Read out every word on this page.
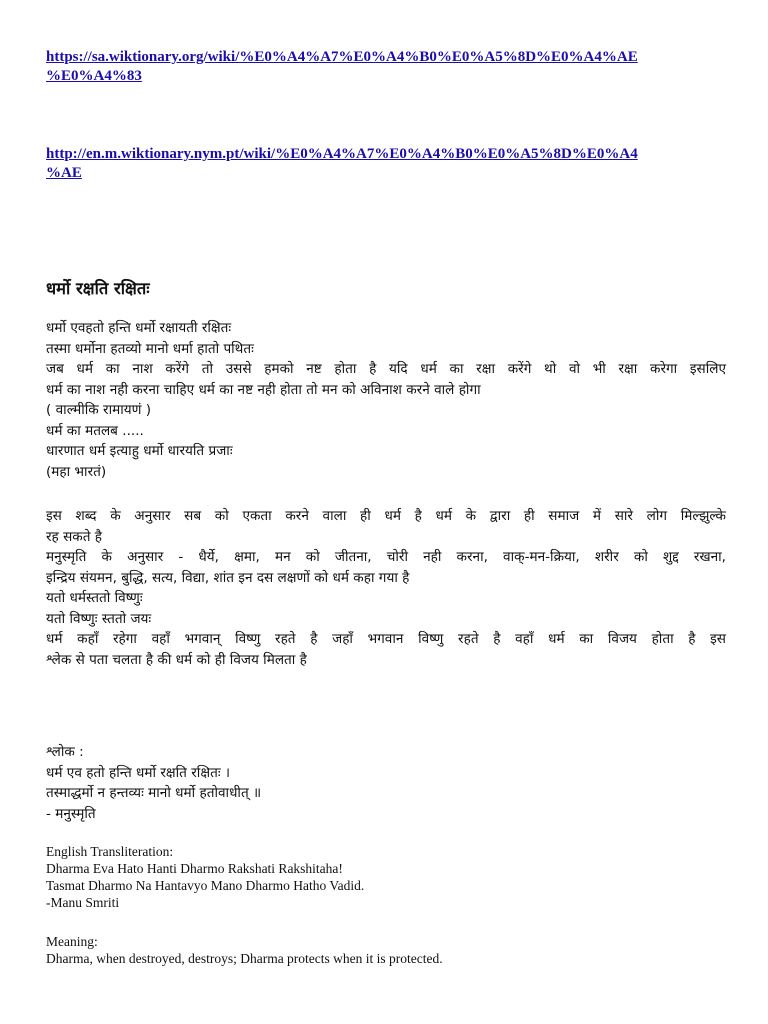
https://sa.wiktionary.org/wiki/%E0%A4%A7%E0%A4%B0%E0%A5%8D%E0%A4%AE
%E0%A4%83
http://en.m.wiktionary.nym.pt/wiki/%E0%A4%A7%E0%A4%B0%E0%A5%8D%E0%A4
%AE
धर्मो रक्षति रक्षितः
धर्मो एवहतो हन्ति धर्मो रक्षायती रक्षितः
तस्मा धर्मोना हतव्यो मानो धर्मा हातो पथितः
जब धर्म का नाश करेंगे तो उससे हमको नष्ट होता है यदि धर्म का रक्षा करेंगे थो वो भी रक्षा करेगा इसलिए
धर्म का नाश नही करना चाहिए धर्म का नष्ट नही होता तो मन को अविनाश करने वाले होगा
( वाल्मीकि रामायणं )
धर्म का मतलब .....
धारणात धर्म इत्याहु धर्मो धारयति प्रजाः
(महा भारतं)
इस शब्द के अनुसार सब को एकता करने वाला ही धर्म है धर्म के द्वारा ही समाज में सारे लोग मिल्झुल्के
रह सकते है
मनुस्मृति के अनुसार - धैर्ये, क्षमा, मन को जीतना, चोरी नही करना, वाक्-मन-क्रिया, शरीर को शुद्द रखना,
इन्द्रिय संयमन, बुद्धि, सत्य, विद्या, शांत इन दस लक्षणों को धर्म कहा गया है
यतो धर्मस्ततो विष्णुः
यतो विष्णुः स्ततो जयः
धर्म कहाँ रहेगा वहाँ भगवान् विष्णु रहते है जहाँ भगवान विष्णु रहते है वहाँ धर्म का विजय होता है इस
श्लेक से पता चलता है की धर्म को ही विजय मिलता है
श्लोक :
धर्म एव हतो हन्ति धर्मो रक्षति रक्षितः ।
तस्माद्धर्मो न हन्तव्यः मानो धर्मो हतोवाधीत् ॥
- मनुस्मृति
English Transliteration:
Dharma Eva Hato Hanti Dharmo Rakshati Rakshitaha!
Tasmat Dharmo Na Hantavyo Mano Dharmo Hatho Vadid.
-Manu Smriti
Meaning:
Dharma, when destroyed, destroys; Dharma protects when it is protected.
